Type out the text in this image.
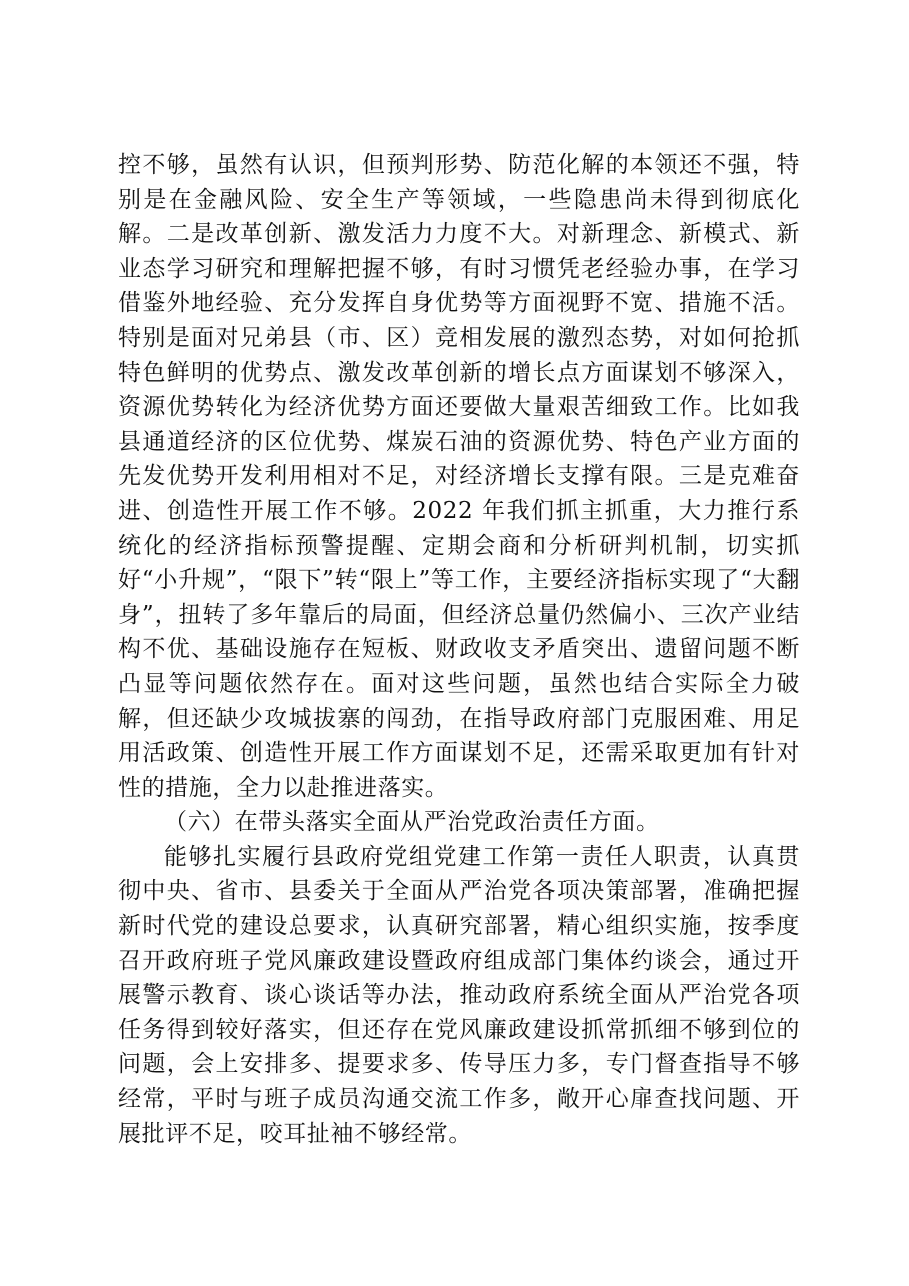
控不够，虽然有认识，但预判形势、防范化解的本领还不强，特别是在金融风险、安全生产等领域，一些隐患尚未得到彻底化解。二是改革创新、激发活力力度不大。对新理念、新模式、新业态学习研究和理解把握不够，有时习惯凭老经验办事，在学习借鉴外地经验、充分发挥自身优势等方面视野不宽、措施不活。特别是面对兄弟县（市、区）竞相发展的激烈态势，对如何抢抓特色鲜明的优势点、激发改革创新的增长点方面谋划不够深入，资源优势转化为经济优势方面还要做大量艰苦细致工作。比如我县通道经济的区位优势、煤炭石油的资源优势、特色产业方面的先发优势开发利用相对不足，对经济增长支撑有限。三是克难奋进、创造性开展工作不够。2022 年我们抓主抓重，大力推行系统化的经济指标预警提醒、定期会商和分析研判机制，切实抓好“小升规”，“限下”转“限上”等工作，主要经济指标实现了“大翻身”，扭转了多年靠后的局面，但经济总量仍然偏小、三次产业结构不优、基础设施存在短板、财政收支矛盾突出、遗留问题不断凸显等问题依然存在。面对这些问题，虽然也结合实际全力破解，但还缺少攻城拔寨的闯劲，在指导政府部门克服困难、用足用活政策、创造性开展工作方面谋划不足，还需采取更加有针对性的措施，全力以赴推进落实。

（六）在带头落实全面从严治党政治责任方面。

能够扎实履行县政府党组党建工作第一责任人职责，认真贯彻中央、省市、县委关于全面从严治党各项决策部署，准确把握新时代党的建设总要求，认真研究部署，精心组织实施，按季度召开政府班子党风廉政建设暨政府组成部门集体约谈会，通过开展警示教育、谈心谈话等办法，推动政府系统全面从严治党各项任务得到较好落实，但还存在党风廉政建设抓常抓细不够到位的问题，会上安排多、提要求多、传导压力多，专门督查指导不够经常，平时与班子成员沟通交流工作多，敞开心扉查找问题、开展批评不足，咬耳扯袖不够经常。
